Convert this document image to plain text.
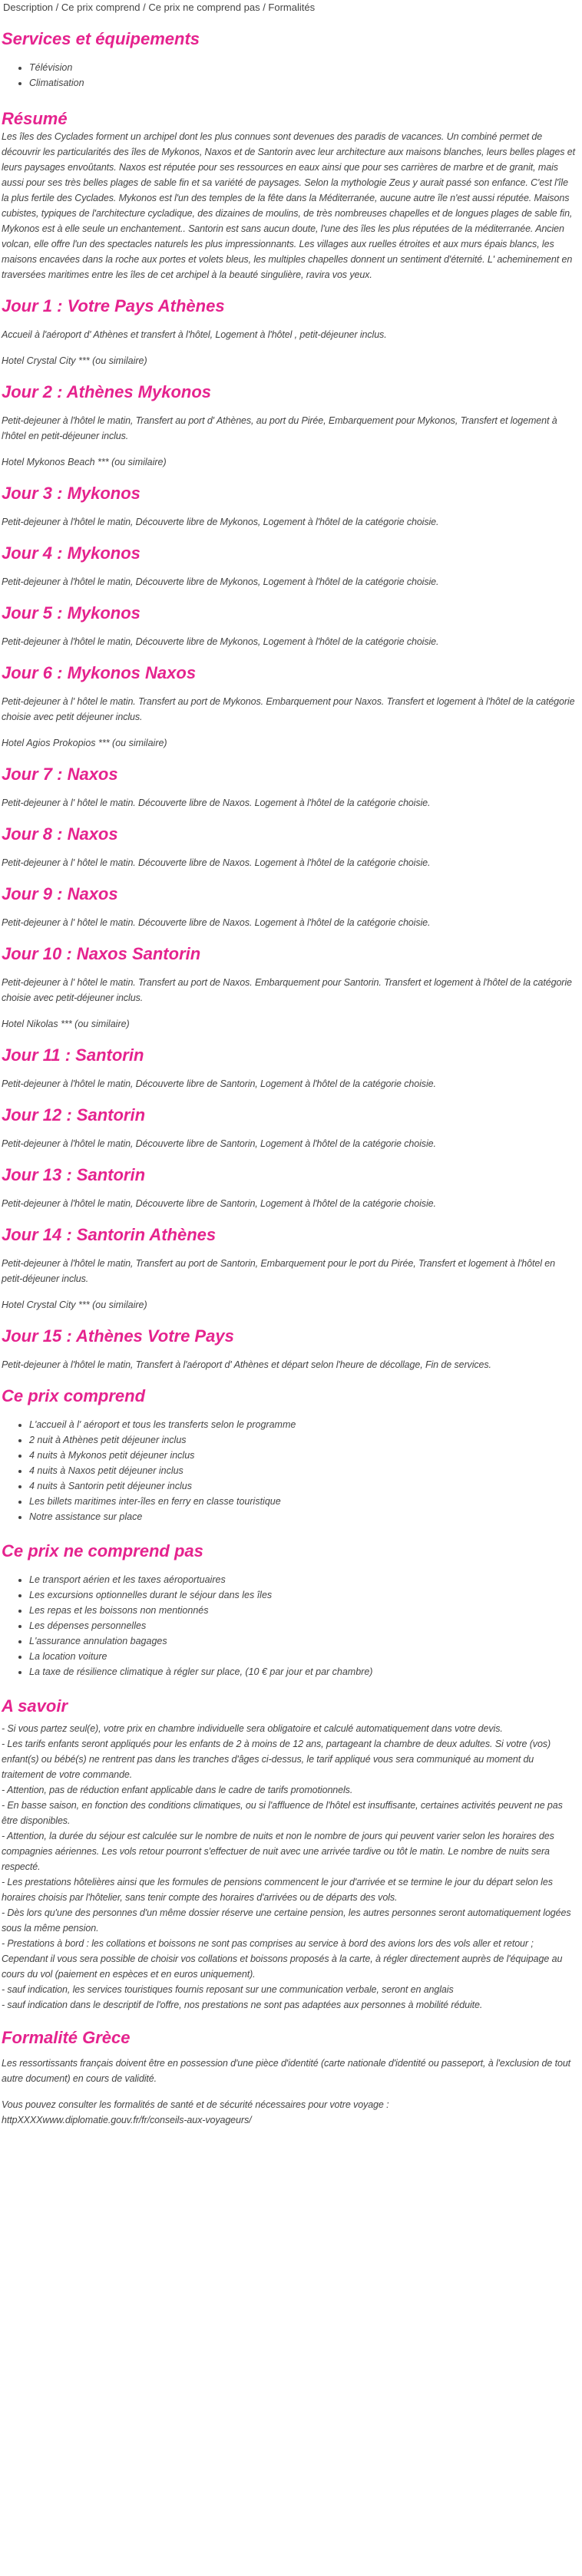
Description / Ce prix comprend / Ce prix ne comprend pas / Formalités
Services et équipements
• Télévision
• Climatisation
Résumé

Les îles des Cyclades forment un archipel dont les plus connues sont devenues des paradis de vacances. Un combiné permet de découvrir les particularités des îles de Mykonos, Naxos et de Santorin avec leur architecture aux maisons blanches, leurs belles plages et leurs paysages envoûtants. Naxos est réputée pour ses ressources en eaux ainsi que pour ses carrières de marbre et de granit, mais aussi pour ses très belles plages de sable fin et sa variété de paysages. Selon la mythologie Zeus y aurait passé son enfance. C'est l'île la plus fertile des Cyclades. Mykonos est l'un des temples de la fête dans la Méditerranée, aucune autre île n'est aussi réputée. Maisons cubistes, typiques de l'architecture cycladique, des dizaines de moulins, de très nombreuses chapelles et de longues plages de sable fin, Mykonos est à elle seule un enchantement.. Santorin est sans aucun doute, l'une des îles les plus réputées de la méditerranée. Ancien volcan, elle offre l'un des spectacles naturels les plus impressionnants. Les villages aux ruelles étroites et aux murs épais blancs, les maisons encavées dans la roche aux portes et volets bleus, les multiples chapelles donnent un sentiment d'éternité. L' acheminement en traversées maritimes entre les îles de cet archipel à la beauté singulière, ravira vos yeux.

Jour 1 : Votre Pays Athènes

Accueil à l'aéroport d' Athènes et transfert à l'hôtel, Logement à l'hôtel , petit-déjeuner inclus.

Hotel Crystal City *** (ou similaire)

Jour 2 : Athènes Mykonos

Petit-dejeuner à l'hôtel le matin, Transfert au port d' Athènes, au port du Pirée, Embarquement pour Mykonos, Transfert et logement à l'hôtel en petit-déjeuner inclus.

Hotel Mykonos Beach *** (ou similaire)

Jour 3 : Mykonos

Petit-dejeuner à l'hôtel le matin, Découverte libre de Mykonos, Logement à l'hôtel de la catégorie choisie.

Jour 4 : Mykonos

Petit-dejeuner à l'hôtel le matin, Découverte libre de Mykonos, Logement à l'hôtel de la catégorie choisie.

Jour 5 : Mykonos

Petit-dejeuner à l'hôtel le matin, Découverte libre de Mykonos, Logement à l'hôtel de la catégorie choisie.

Jour 6 : Mykonos Naxos

Petit-dejeuner à l' hôtel le matin. Transfert au port de Mykonos. Embarquement pour Naxos. Transfert et logement à l'hôtel de la catégorie choisie avec petit déjeuner inclus.

Hotel Agios Prokopios *** (ou similaire)

Jour 7 : Naxos

Petit-dejeuner à l' hôtel le matin. Découverte libre de Naxos. Logement à l'hôtel de la catégorie choisie.

Jour 8 : Naxos

Petit-dejeuner à l' hôtel le matin. Découverte libre de Naxos. Logement à l'hôtel de la catégorie choisie.

Jour 9 : Naxos

Petit-dejeuner à l' hôtel le matin. Découverte libre de Naxos. Logement à l'hôtel de la catégorie choisie.

Jour 10 : Naxos Santorin

Petit-dejeuner à l' hôtel le matin. Transfert au port de Naxos. Embarquement pour Santorin. Transfert et logement à l'hôtel de la catégorie choisie avec petit-déjeuner inclus.

Hotel Nikolas *** (ou similaire)

Jour 11 : Santorin

Petit-dejeuner à l'hôtel le matin, Découverte libre de Santorin, Logement à l'hôtel de la catégorie choisie.

Jour 12 : Santorin

Petit-dejeuner à l'hôtel le matin, Découverte libre de Santorin, Logement à l'hôtel de la catégorie choisie.

Jour 13 : Santorin

Petit-dejeuner à l'hôtel le matin, Découverte libre de Santorin, Logement à l'hôtel de la catégorie choisie.

Jour 14 : Santorin Athènes

Petit-dejeuner à l'hôtel le matin, Transfert au port de Santorin, Embarquement pour le port du Pirée, Transfert et logement à l'hôtel en petit-déjeuner inclus.

Hotel Crystal City *** (ou similaire)

Jour 15 : Athènes Votre Pays

Petit-dejeuner à l'hôtel le matin, Transfert à l'aéroport d' Athènes et départ selon l'heure de décollage, Fin de services.

Ce prix comprend
• L'accueil à l' aéroport et tous les transferts selon le programme
• 2 nuit à Athènes petit déjeuner inclus
• 4 nuits à Mykonos petit déjeuner inclus
• 4 nuits à Naxos petit déjeuner inclus
• 4 nuits à Santorin petit déjeuner inclus
• Les billets maritimes inter-îles en ferry en classe touristique
• Notre assistance sur place
Ce prix ne comprend pas
• Le transport aérien et les taxes aéroportuaires
• Les excursions optionnelles durant le séjour dans les îles
• Les repas et les boissons non mentionnés
• Les dépenses personnelles
• L'assurance annulation bagages
• La location voiture
• La taxe de résilience climatique à régler sur place, (10 € par jour et par chambre)
A savoir

- Si vous partez seul(e), votre prix en chambre individuelle sera obligatoire et calculé automatiquement dans votre devis.

- Les tarifs enfants seront appliqués pour les enfants de 2 à moins de 12 ans, partageant la chambre de deux adultes. Si votre (vos) enfant(s) ou bébé(s) ne rentrent pas dans les tranches d'âges ci-dessus, le tarif appliqué vous sera communiqué au moment du traitement de votre commande.

- Attention, pas de réduction enfant applicable dans le cadre de tarifs promotionnels.

- En basse saison, en fonction des conditions climatiques, ou si l'affluence de l'hôtel est insuffisante, certaines activités peuvent ne pas être disponibles.

- Attention, la durée du séjour est calculée sur le nombre de nuits et non le nombre de jours qui peuvent varier selon les horaires des compagnies aériennes. Les vols retour pourront s'effectuer de nuit avec une arrivée tardive ou tôt le matin. Le nombre de nuits sera respecté.

- Les prestations hôtelières ainsi que les formules de pensions commencent le jour d'arrivée et se termine le jour du départ selon les horaires choisis par l'hôtelier, sans tenir compte des horaires d'arrivées ou de départs des vols.

- Dès lors qu'une des personnes d'un même dossier réserve une certaine pension, les autres personnes seront automatiquement logées sous la même pension.

- Prestations à bord : les collations et boissons ne sont pas comprises au service à bord des avions lors des vols aller et retour ; Cependant il vous sera possible de choisir vos collations et boissons proposés à la carte, à régler directement auprès de l'équipage au cours du vol (paiement en espèces et en euros uniquement).

- sauf indication, les services touristiques fournis reposant sur une communication verbale, seront en anglais

- sauf indication dans le descriptif de l'offre, nos prestations ne sont pas adaptées aux personnes à mobilité réduite.

Formalité Grèce

Les ressortissants français doivent être en possession d'une pièce d'identité (carte nationale d'identité ou passeport, à l'exclusion de tout autre document) en cours de validité.

Vous pouvez consulter les formalités de santé et de sécurité nécessaires pour votre voyage :

httpXXXXwww.diplomatie.gouv.fr/fr/conseils-aux-voyageurs/
